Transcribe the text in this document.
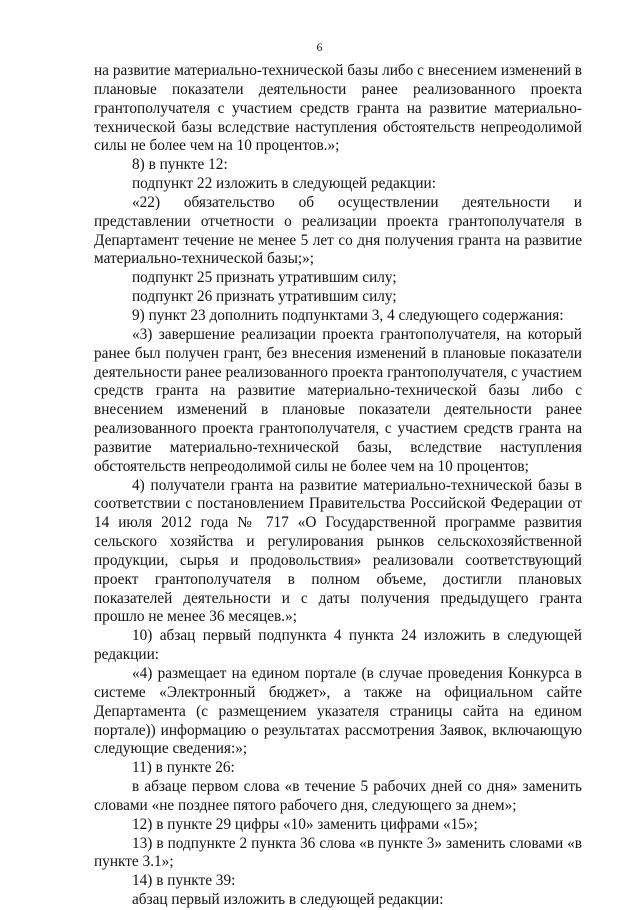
6

на развитие материально-технической базы либо с внесением изменений в плановые показатели деятельности ранее реализованного проекта грантополучателя с участием средств гранта на развитие материально-технической базы вследствие наступления обстоятельств непреодолимой силы не более чем на 10 процентов.»;

8) в пункте 12:

подпункт 22 изложить в следующей редакции:

«22) обязательство об осуществлении деятельности и представлении отчетности о реализации проекта грантополучателя в Департамент течение не менее 5 лет со дня получения гранта на развитие материально-технической базы;»;

подпункт 25 признать утратившим силу;

подпункт 26 признать утратившим силу;

9) пункт 23 дополнить подпунктами 3, 4 следующего содержания:

«3) завершение реализации проекта грантополучателя, на который ранее был получен грант, без внесения изменений в плановые показатели деятельности ранее реализованного проекта грантополучателя, с участием средств гранта на развитие материально-технической базы либо с внесением изменений в плановые показатели деятельности ранее реализованного проекта грантополучателя, с участием средств гранта на развитие материально-технической базы, вследствие наступления обстоятельств непреодолимой силы не более чем на 10 процентов;

4) получатели гранта на развитие материально-технической базы в соответствии с постановлением Правительства Российской Федерации от 14 июля 2012 года № 717 «О Государственной программе развития сельского хозяйства и регулирования рынков сельскохозяйственной продукции, сырья и продовольствия» реализовали соответствующий проект грантополучателя в полном объеме, достигли плановых показателей деятельности и с даты получения предыдущего гранта прошло не менее 36 месяцев.»;

10) абзац первый подпункта 4 пункта 24 изложить в следующей редакции:

«4) размещает на едином портале (в случае проведения Конкурса в системе «Электронный бюджет», а также на официальном сайте Департамента (с размещением указателя страницы сайта на едином портале)) информацию о результатах рассмотрения Заявок, включающую следующие сведения:»;

11) в пункте 26:

в абзаце первом слова «в течение 5 рабочих дней со дня» заменить словами «не позднее пятого рабочего дня, следующего за днем»;

12) в пункте 29 цифры «10» заменить цифрами «15»;

13) в подпункте 2 пункта 36 слова «в пункте 3» заменить словами «в пункте 3.1»;

14) в пункте 39:

абзац первый изложить в следующей редакции:
